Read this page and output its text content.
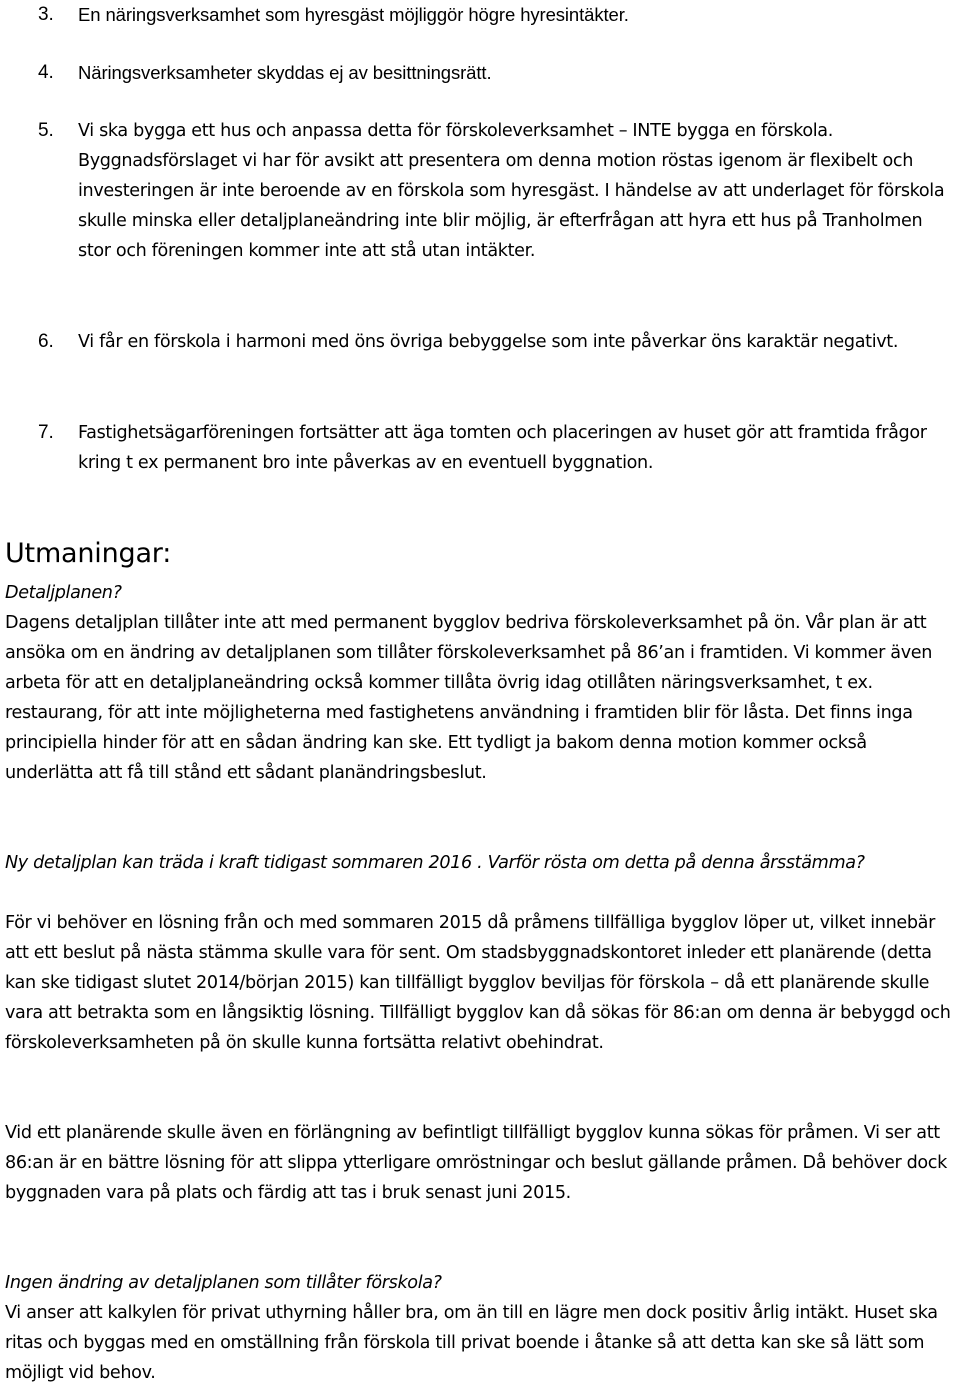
3.	En näringsverksamhet som hyresgäst möjliggör högre hyresintäkter.
4.	Näringsverksamheter skyddas ej av besittningsrätt.
5.	Vi ska bygga ett hus och anpassa detta för förskoleverksamhet – INTE bygga en förskola. Byggnadsförslaget vi har för avsikt att presentera om denna motion röstas igenom är flexibelt och investeringen är inte beroende av en förskola som hyresgäst. I händelse av att underlaget för förskola skulle minska eller detaljplaneändring inte blir möjlig, är efterfrågan att hyra ett hus på Tranholmen stor och föreningen kommer inte att stå utan intäkter.
6.	Vi får en förskola i harmoni med öns övriga bebyggelse som inte påverkar öns karaktär negativt.
7.	Fastighetsägarföreningen fortsätter att äga tomten och placeringen av huset gör att framtida frågor kring t ex permanent bro inte påverkas av en eventuell byggnation.
Utmaningar:
Detaljplanen?
Dagens detaljplan tillåter inte att med permanent bygglov bedriva förskoleverksamhet på ön. Vår plan är att ansöka om en ändring av detaljplanen som tillåter förskoleverksamhet på 86’an i framtiden. Vi kommer även arbeta för att en detaljplaneändring också kommer tillåta övrig idag otillåten näringsverksamhet, t ex. restaurang, för att inte möjligheterna med fastighetens användning i framtiden blir för låsta. Det finns inga principiella hinder för att en sådan ändring kan ske. Ett tydligt ja bakom denna motion kommer också underlätta att få till stånd ett sådant planändringsbeslut.
Ny detaljplan kan träda i kraft tidigast sommaren 2016 . Varför rösta om detta på denna årsstämma?
För vi behöver en lösning från och med sommaren 2015 då pråmens tillfälliga bygglov löper ut, vilket innebär att ett beslut på nästa stämma skulle vara för sent. Om stadsbyggnadskontoret inleder ett planärende (detta kan ske tidigast slutet 2014/början 2015) kan tillfälligt bygglov beviljas för förskola – då ett planärende skulle vara att betrakta som en långsiktig lösning. Tillfälligt bygglov kan då sökas för 86:an om denna är bebyggd och förskoleverksamheten på ön skulle kunna fortsätta relativt obehindrat.
Vid ett planärende skulle även en förlängning av befintligt tillfälligt bygglov kunna sökas för pråmen. Vi ser att 86:an är en bättre lösning för att slippa ytterligare omröstningar och beslut gällande pråmen. Då behöver dock byggnaden vara på plats och färdig att tas i bruk senast juni 2015.
Ingen ändring av detaljplanen som tillåter förskola?
Vi anser att kalkylen för privat uthyrning håller bra, om än till en lägre men dock positiv årlig intäkt. Huset ska ritas och byggas med en omställning från förskola till privat boende i åtanke så att detta kan ske så lätt som möjligt vid behov.
